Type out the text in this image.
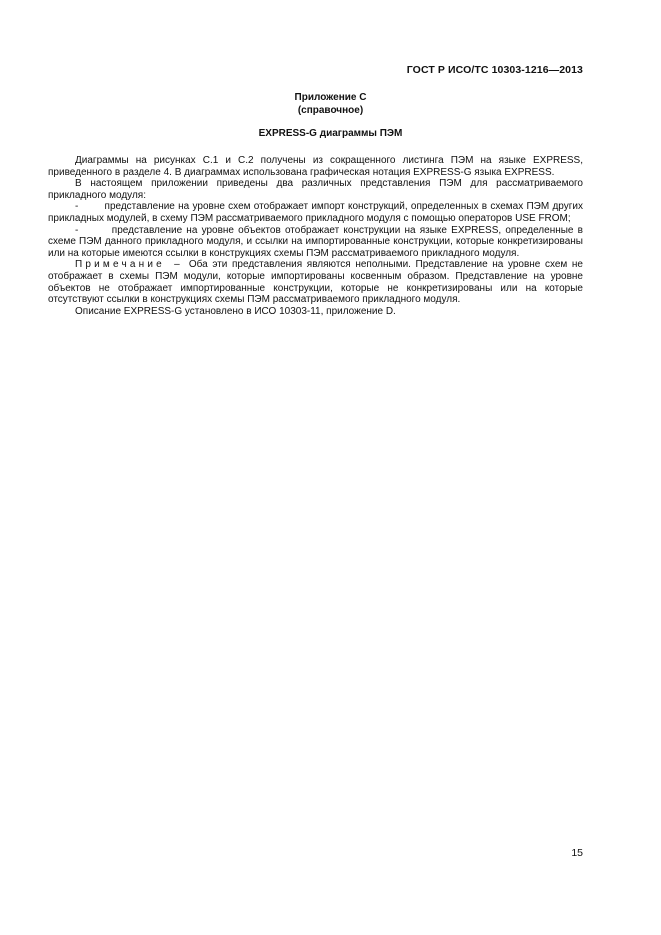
ГОСТ Р ИСО/ТС 10303-1216—2013
Приложение С
(справочное)
EXPRESS-G диаграммы ПЭМ

Диаграммы на рисунках С.1 и С.2 получены из сокращенного листинга ПЭМ на языке EXPRESS, приведенного в разделе 4. В диаграммах использована графическая нотация EXPRESS-G языка EXPRESS.

В настоящем приложении приведены два различных представления ПЭМ для рассматриваемого прикладного модуля:

-        представление на уровне схем отображает импорт конструкций, определенных в схемах ПЭМ других прикладных модулей, в схему ПЭМ рассматриваемого прикладного модуля с помощью операторов USE FROM;

-        представление на уровне объектов отображает конструкции на языке EXPRESS, определенные в схеме ПЭМ данного прикладного модуля, и ссылки на импортированные конструкции, которые конкретизированы или на которые имеются ссылки в конструкциях схемы ПЭМ рассматриваемого прикладного модуля.

Примечание  –  Оба эти представления являются неполными. Представление на уровне схем не отображает в схемы ПЭМ модули, которые импортированы косвенным образом. Представление на уровне объектов не отображает импортированные конструкции, которые не конкретизированы или на которые отсутствуют ссылки в конструкциях схемы ПЭМ рассматриваемого прикладного модуля.

Описание EXPRESS-G установлено в ИСО 10303-11, приложение D.

15
